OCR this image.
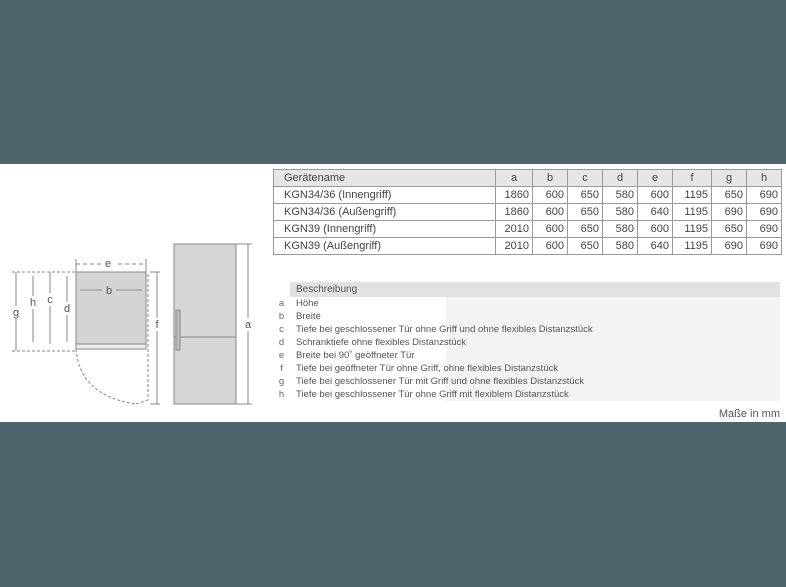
e
b
g
h c
d
f	a
Gerätename	a	b	c	d	e	f	g	h
KGN34/36 (Innengriff)	1860	600	650	580	600	1195	650	690
KGN34/36 (Außengriff)	1860	600	650	580	640	1195	690	690
KGN39 (Innengriff)	2010	600	650	580	600	1195	650	690
KGN39 (Außengriff)	2010	600	650	580	640	1195	690	690
Beschreibung
a	Höhe
b	Breite
c	Tiefe bei geschlossener Tür ohne Griff und ohne flexibles Distanzstück
d	Schranktiefe ohne flexibles Distanzstück
e	Breite bei 90˚ geöffneter Tür
f	Tiefe bei geöffneter Tür ohne Griff, ohne flexibles Distanzstück
g	Tiefe bei geschlossener Tür mit Griff und ohne flexibles Distanzstück
h	Tiefe bei geschlossener Tür ohne Griff mit flexiblem Distanzstück
Maße in mm
